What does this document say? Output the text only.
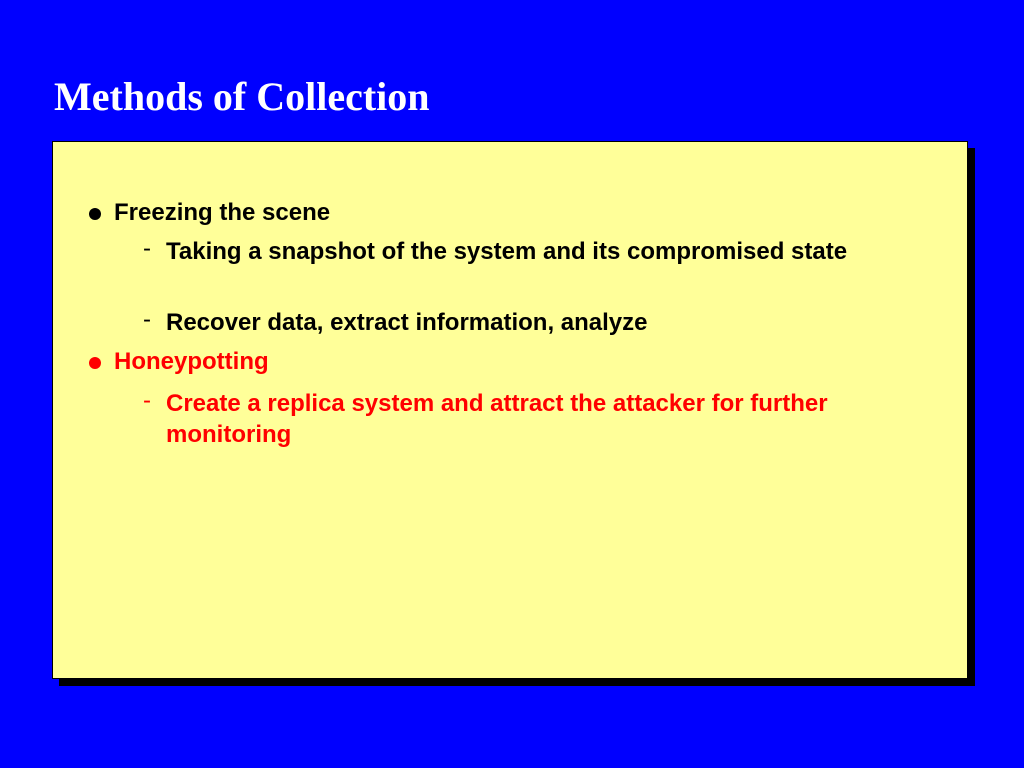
Methods of Collection
Freezing the scene
- Taking a snapshot of the system and its compromised state
- Recover data, extract information, analyze
Honeypotting
- Create a replica system and attract the attacker for further monitoring
